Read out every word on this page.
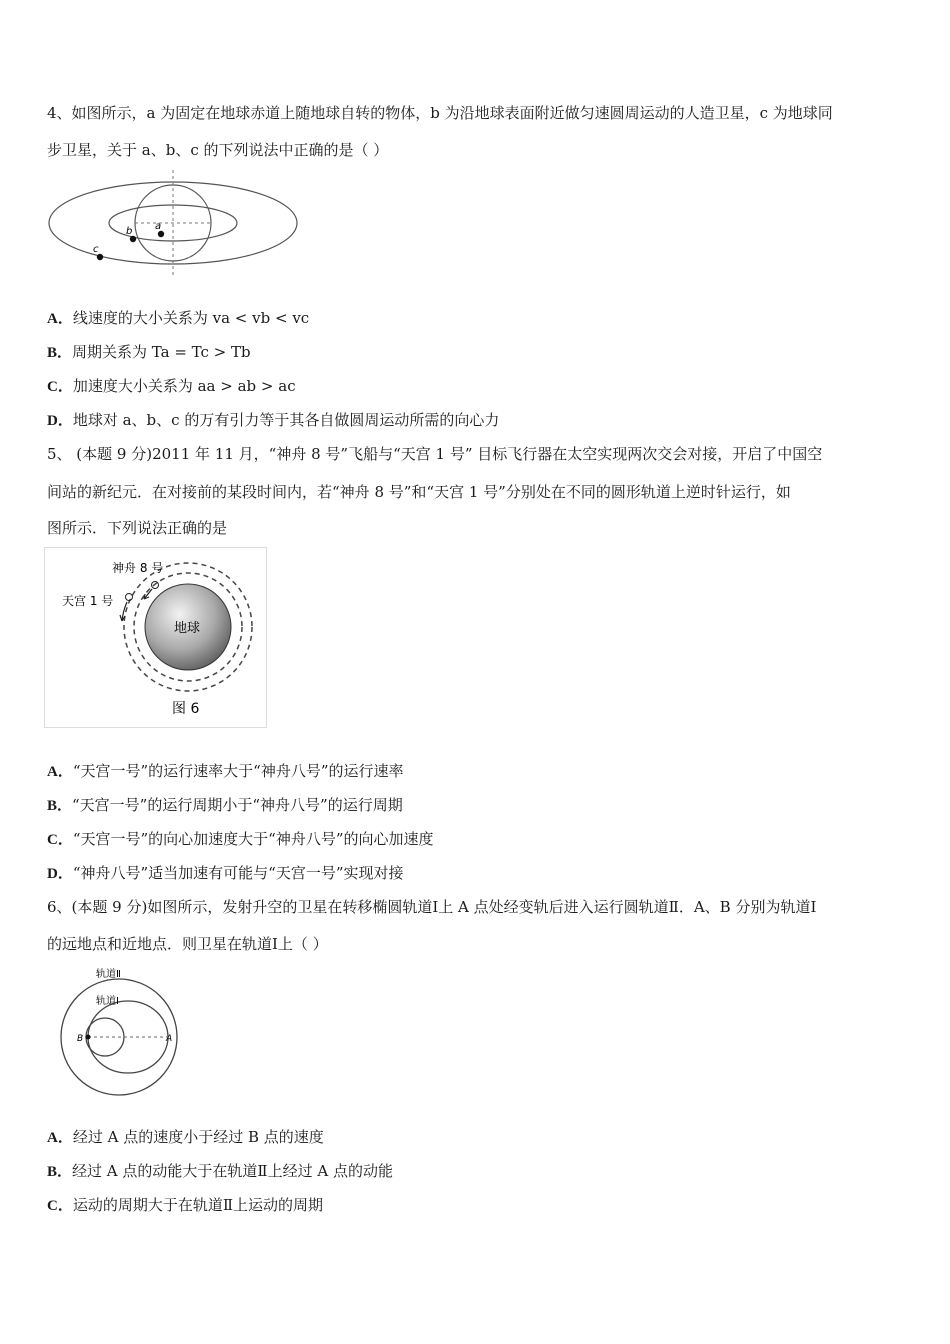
4、如图所示，a 为固定在地球赤道上随地球自转的物体，b 为沿地球表面附近做匀速圆周运动的人造卫星，c 为地球同
步卫星，关于 a、b、c 的下列说法中正确的是（ ）
a
b
c
A．线速度的大小关系为 va < vb < vc
B．周期关系为 Ta = Tc > Tb
C．加速度大小关系为 aa > ab > ac
D．地球对 a、b、c 的万有引力等于其各自做圆周运动所需的向心力
5、 (本题 9 分)2011 年 11 月，“神舟 8 号”飞船与“天宫 1 号” 目标飞行器在太空实现两次交会对接，开启了中国空
间站的新纪元．在对接前的某段时间内，若“神舟 8 号”和“天宫 1 号”分别处在不同的圆形轨道上逆时针运行，如
图所示．下列说法正确的是
地球
神舟 8 号
天宫 1 号
图 6
A．“天宫一号”的运行速率大于“神舟八号”的运行速率
B．“天宫一号”的运行周期小于“神舟八号”的运行周期
C．“天宫一号”的向心加速度大于“神舟八号”的向心加速度
D．“神舟八号”适当加速有可能与“天宫一号”实现对接
6、(本题 9 分)如图所示，发射升空的卫星在转移椭圆轨道Ⅰ上 A 点处经变轨后进入运行圆轨道Ⅱ．A、B 分别为轨道Ⅰ
的远地点和近地点．则卫星在轨道Ⅰ上（ ）
轨道Ⅱ
轨道Ⅰ
B	A
A．经过 A 点的速度小于经过 B 点的速度
B．经过 A 点的动能大于在轨道Ⅱ上经过 A 点的动能
C．运动的周期大于在轨道Ⅱ上运动的周期
